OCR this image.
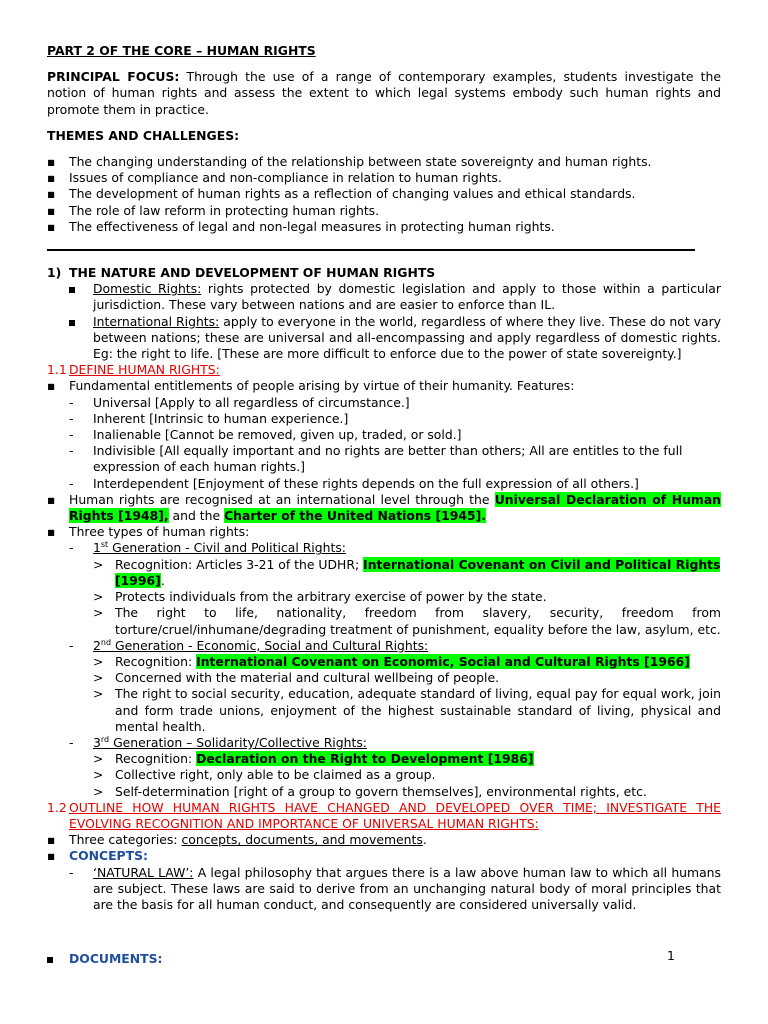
PART 2 OF THE CORE – HUMAN RIGHTS

PRINCIPAL FOCUS: Through the use of a range of contemporary examples, students investigate the notion of human rights and assess the extent to which legal systems embody such human rights and promote them in practice.

THEMES AND CHALLENGES:

▪ The changing understanding of the relationship between state sovereignty and human rights.
▪ Issues of compliance and non-compliance in relation to human rights.
▪ The development of human rights as a reflection of changing values and ethical standards.
▪ The role of law reform in protecting human rights.
▪ The effectiveness of legal and non-legal measures in protecting human rights.
1) THE NATURE AND DEVELOPMENT OF HUMAN RIGHTS
Domestic Rights: rights protected by domestic legislation and apply to those within a particular jurisdiction. These vary between nations and are easier to enforce than IL.
International Rights: apply to everyone in the world, regardless of where they live. These do not vary between nations; these are universal and all-encompassing and apply regardless of domestic rights. Eg: the right to life. [These are more difficult to enforce due to the power of state sovereignty.]
1.1 DEFINE HUMAN RIGHTS:
▪ Fundamental entitlements of people arising by virtue of their humanity. Features:
- Universal [Apply to all regardless of circumstance.]
- Inherent [Intrinsic to human experience.]
- Inalienable [Cannot be removed, given up, traded, or sold.]
- Indivisible [All equally important and no rights are better than others; All are entitles to the full expression of each human rights.]
- Interdependent [Enjoyment of these rights depends on the full expression of all others.]
▪ Human rights are recognised at an international level through the Universal Declaration of Human Rights [1948], and the Charter of the United Nations [1945].
▪ Three types of human rights:
- 1st Generation - Civil and Political Rights:
> Recognition: Articles 3-21 of the UDHR; International Covenant on Civil and Political Rights [1996].
> Protects individuals from the arbitrary exercise of power by the state.
> The right to life, nationality, freedom from slavery, security, freedom from torture/cruel/inhumane/degrading treatment of punishment, equality before the law, asylum, etc.
- 2nd Generation - Economic, Social and Cultural Rights:
> Recognition: International Covenant on Economic, Social and Cultural Rights [1966]
> Concerned with the material and cultural wellbeing of people.
> The right to social security, education, adequate standard of living, equal pay for equal work, join and form trade unions, enjoyment of the highest sustainable standard of living, physical and mental health.
- 3rd Generation – Solidarity/Collective Rights:
> Recognition: Declaration on the Right to Development [1986]
> Collective right, only able to be claimed as a group.
> Self-determination [right of a group to govern themselves], environmental rights, etc.
1.2 OUTLINE HOW HUMAN RIGHTS HAVE CHANGED AND DEVELOPED OVER TIME; INVESTIGATE THE EVOLVING RECOGNITION AND IMPORTANCE OF UNIVERSAL HUMAN RIGHTS:
▪ Three categories: concepts, documents, and movements.
▪ CONCEPTS:
- ‘NATURAL LAW’: A legal philosophy that argues there is a law above human law to which all humans are subject. These laws are said to derive from an unchanging natural body of moral principles that are the basis for all human conduct, and consequently are considered universally valid.
DOCUMENTS:	1
